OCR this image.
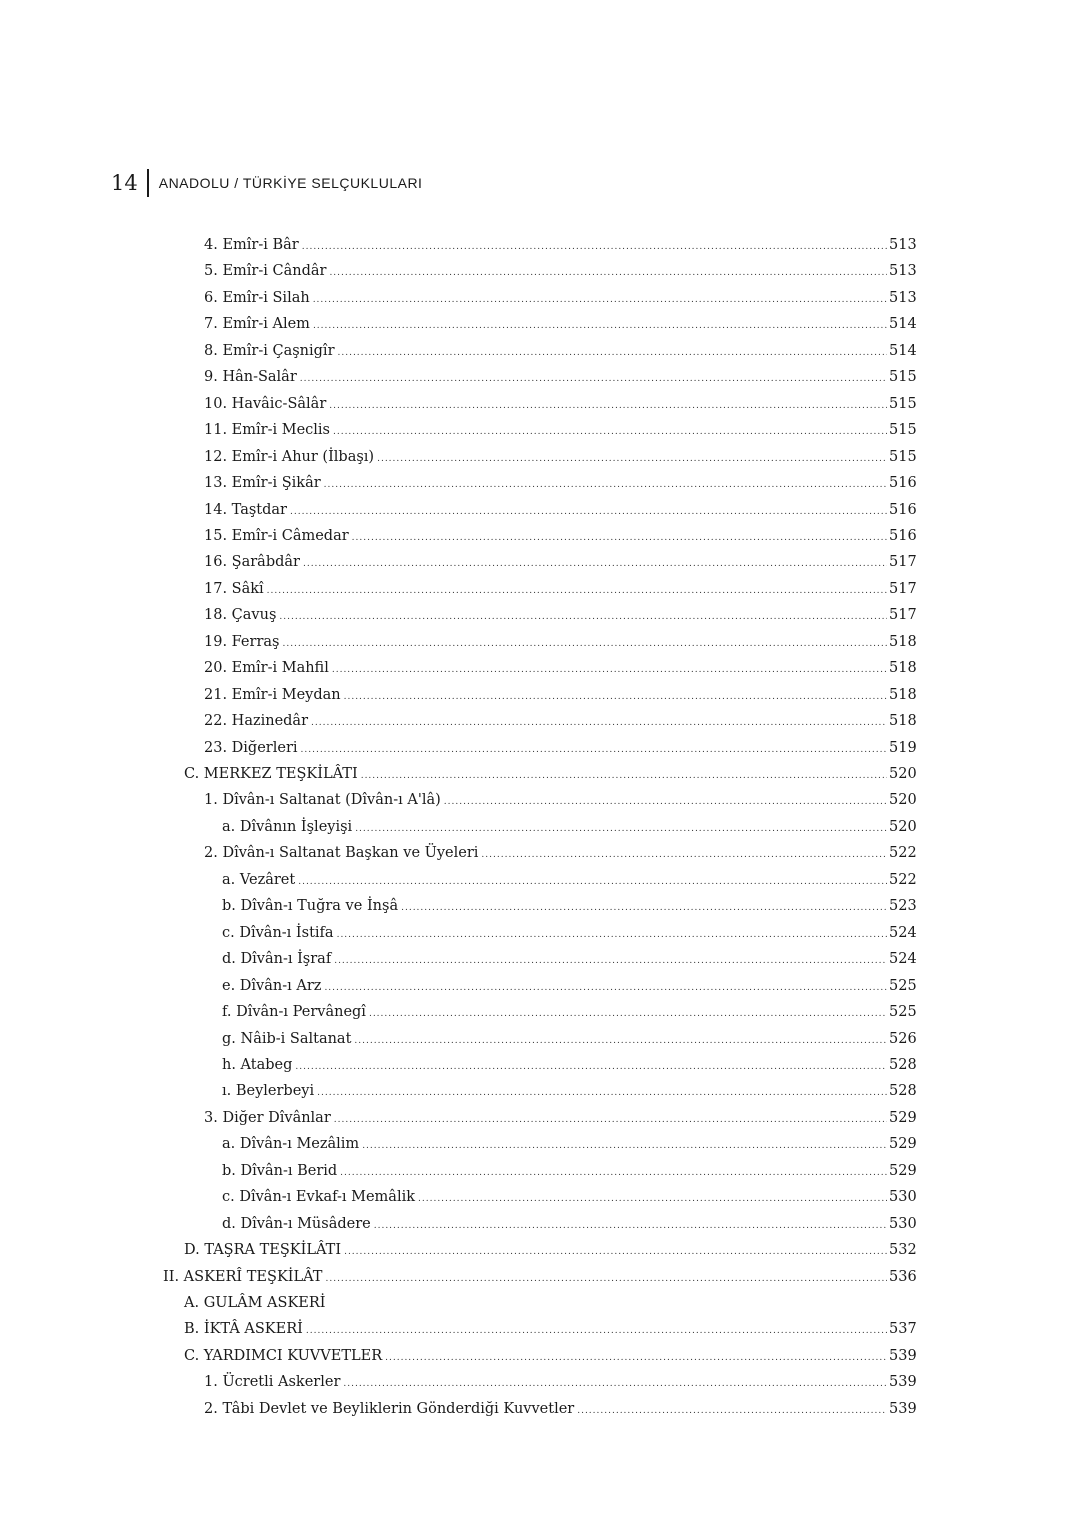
14 ANADOLU / TÜRKİYE SELÇUKLULARI
4. Emîr-i Bâr .....	513
5. Emîr-i Cândâr .....	513
6. Emîr-i Silah .....	513
7. Emîr-i Alem .....	514
8. Emîr-i Çaşnigîr .....	514
9. Hân-Salâr .....	515
10. Havâic-Sâlâr .....	515
11. Emîr-i Meclis .....	515
12. Emîr-i Ahur (İlbaşı) .....	515
13. Emîr-i Şikâr .....	516
14. Taştdar .....	516
15. Emîr-i Câmedar .....	516
16. Şarâbdâr .....	517
17. Sâkî .....	517
18. Çavuş .....	517
19. Ferraş .....	518
20. Emîr-i Mahfil .....	518
21. Emîr-i Meydan .....	518
22. Hazinedâr .....	518
23. Diğerleri .....	519
C. MERKEZ TEŞKİLÂTI .....	520
1. Dîvân-ı Saltanat (Dîvân-ı A'lâ) .....	520
a. Dîvânın İşleyişi .....	520
2. Dîvân-ı Saltanat Başkan ve Üyeleri .....	522
a. Vezâret .....	522
b. Dîvân-ı Tuğra ve İnşâ .....	523
c. Dîvân-ı İstifa .....	524
d. Dîvân-ı İşraf .....	524
e. Dîvân-ı Arz .....	525
f. Dîvân-ı Pervânegî .....	525
g. Nâib-i Saltanat .....	526
h. Atabeg .....	528
ı. Beylerbeyi .....	528
3. Diğer Dîvânlar .....	529
a. Dîvân-ı Mezâlim .....	529
b. Dîvân-ı Berid .....	529
c. Dîvân-ı Evkaf-ı Memâlik .....	530
d. Dîvân-ı Müsâdere .....	530
D. TAŞRA TEŞKİLÂTI .....	532
II. ASKERÎ TEŞKİLÂT .....	536
A. GULÂM ASKERİ
B. İKTÂ ASKERİ .....	537
C. YARDIMCI KUVVETLER .....	539
1. Ücretli Askerler .....	539
2. Tâbi Devlet ve Beyliklerin Gönderdiği Kuvvetler .....	539
